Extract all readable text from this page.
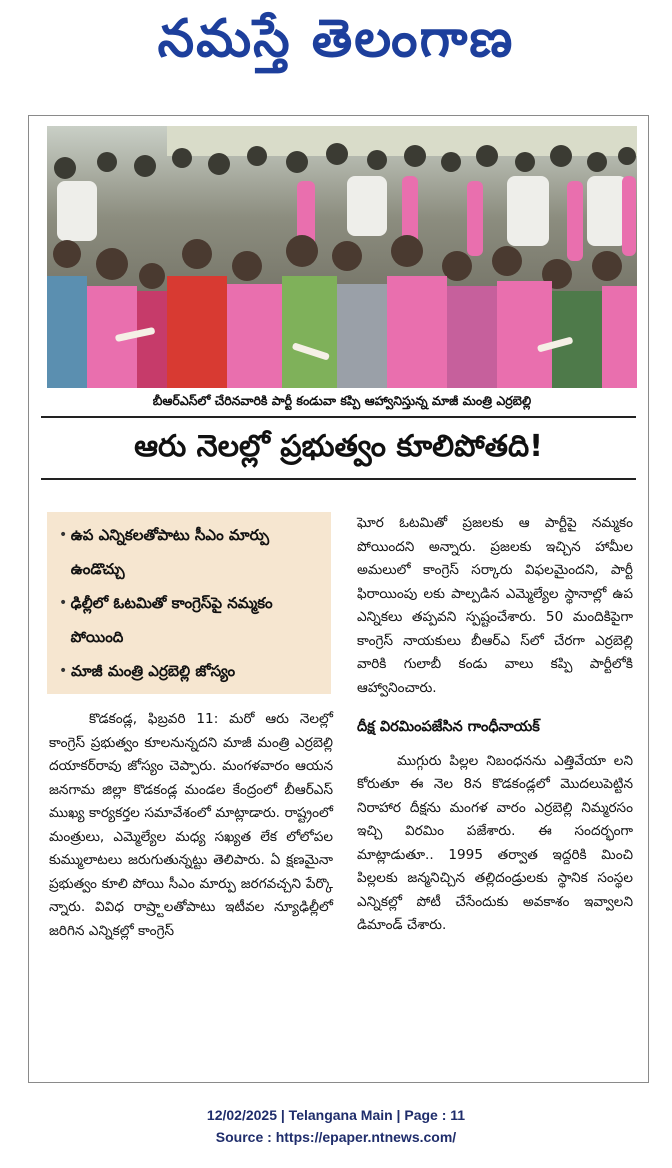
నమస్తే తెలంగాణ
బీఆర్‌ఎస్‌లో చేరినవారికి పార్టీ కండువా కప్పి ఆహ్వానిస్తున్న మాజీ మంత్రి ఎర్రబెల్లి
ఆరు నెలల్లో ప్రభుత్వం కూలిపోతది!
• ఉప ఎన్నికలతోపాటు సీఎం మార్పు ఉండొచ్చు
• ఢిల్లీలో ఓటమితో కాంగ్రెస్‌పై నమ్మకం పోయింది
• మాజీ మంత్రి ఎర్రబెల్లి జోస్యం

కొడకండ్ల, ఫిబ్రవరి 11: మరో ఆరు నెలల్లో కాంగ్రెస్ ప్రభుత్వం కూలనున్నదని మాజీ మంత్రి ఎర్రబెల్లి దయాకర్‌రావు జోస్యం చెప్పారు. మంగళవారం ఆయన జనగామ జిల్లా కొడకండ్ల మండల కేంద్రంలో బీఆర్‌ఎస్ ముఖ్య కార్యకర్తల సమావేశంలో మాట్లాడారు. రాష్ట్రంలో మంత్రులు, ఎమ్మెల్యేల మధ్య సఖ్యత లేక లోలోపల కుమ్ములాటలు జరుగుతున్నట్టు తెలిపారు. ఏ క్షణమైనా ప్రభుత్వం కూలి పోయి సీఎం మార్పు జరగవచ్చని పేర్కొ న్నారు. వివిధ రాష్ర్టాలతోపాటు ఇటీవల న్యూఢిల్లీలో జరిగిన ఎన్నికల్లో కాంగ్రెస్

ఘోర ఓటమితో ప్రజలకు ఆ పార్టీపై నమ్మకం పోయిందని అన్నారు. ప్రజలకు ఇచ్చిన హామీల అమలులో కాంగ్రెస్ సర్కారు విఫలమైందని, పార్టీ ఫిరాయింపు లకు పాల్పడిన ఎమ్మెల్యేల స్థానాల్లో ఉప ఎన్నికలు తప్పవని స్పష్టంచేశారు. 50 మందికిపైగా కాంగ్రెస్ నాయకులు బీఆర్‌ఎ స్‌లో చేరగా ఎర్రబెల్లి వారికి గులాబీ కండు వాలు కప్పి పార్టీలోకి ఆహ్వానించారు.

దీక్ష విరమింపజేసిన గాంధీనాయక్

ముగ్గురు పిల్లల నిబంధనను ఎత్తివేయా లని కోరుతూ ఈ నెల 8న కొడకండ్లలో మొదలుపెట్టిన నిరాహార దీక్షను మంగళ వారం ఎర్రబెల్లి నిమ్మరసం ఇచ్చి విరమిం పజేశారు. ఈ సందర్భంగా మాట్లాడుతూ.. 1995 తర్వాత ఇద్దరికి మించి పిల్లలకు జన్మనిచ్చిన తల్లిదండ్రులకు స్థానిక సంస్థల ఎన్నికల్లో పోటీ చేసేందుకు అవకాశం ఇవ్వాలని డిమాండ్ చేశారు.

12/02/2025 | Telangana Main | Page : 11
Source : https://epaper.ntnews.com/
